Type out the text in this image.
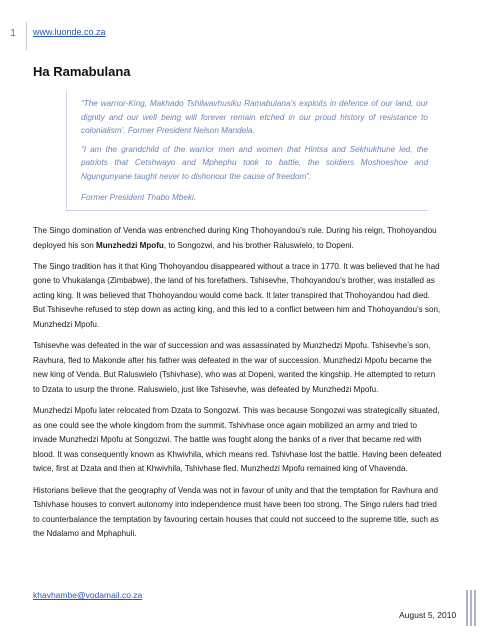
1	www.luonde.co.za
Ha Ramabulana

“The warrior-King, Makhado Tshilwavhusiku Ramabulana’s exploits in defence of our land, our dignity and our well being will forever remain etched in our proud history of resistance to colonialism’. Former President Nelson Mandela.

“I am the grandchild of the warrior men and women that Hintsa and Sekhukhune led, the patriots that Cetshwayo and Mphephu took to battle, the soldiers Moshoeshoe and Ngungunyane taught never to dishonour the cause of freedom”.

Former President Thabo Mbeki.

The Singo domination of Venda was entrenched during King Thohoyandou’s rule. During his reign, Thohoyandou deployed his son Munzhedzi Mpofu, to Songozwi, and his brother Raluswielo, to Dopeni.

The Singo tradition has it that King Thohoyandou disappeared without a trace in 1770. It was believed that he had gone to Vhukalanga (Zimbabwe), the land of his forefathers. Tshisevhe, Thohoyandou’s brother, was installed as acting king. It was believed that Thohoyandou would come back. It later transpired that Thohoyandou had died. But Tshisevhe refused to step down as acting king, and this led to a conflict between him and Thohoyandou’s son, Munzhedzi Mpofu.

Tshisevhe was defeated in the war of succession and was assassinated by Munzhedzi Mpofu. Tshisevhe’s son, Ravhura, fled to Makonde after his father was defeated in the war of succession. Munzhedzi Mpofu became the new king of Venda. But Raluswielo (Tshivhase), who was at Dopeni, wanted the kingship. He attempted to return to Dzata to usurp the throne. Raluswielo, just like Tshisevhe, was defeated by Munzhedzi Mpofu.

Munzhedzi Mpofu later relocated from Dzata to Songozwi. This was because Songozwi was strategically situated, as one could see the whole kingdom from the summit. Tshivhase once again mobilized an army and tried to invade Munzhedzi Mpofu at Songozwi. The battle was fought along the banks of a river that became red with blood. It was consequently known as Khwivhila, which means red. Tshivhase lost the battle. Having been defeated twice, first at Dzata and then at Khwivhila, Tshivhase fled. Munzhedzi Mpofu remained king of Vhavenda.

Historians believe that the geography of Venda was not in favour of unity and that the temptation for Ravhura and Tshivhase houses to convert autonomy into independence must have been too strong. The Singo rulers had tried to counterbalance the temptation by favouring certain houses that could not succeed to the supreme title, such as the Ndalamo and Mphaphuli.

khavhambe@vodamail.co.za
August 5, 2010
